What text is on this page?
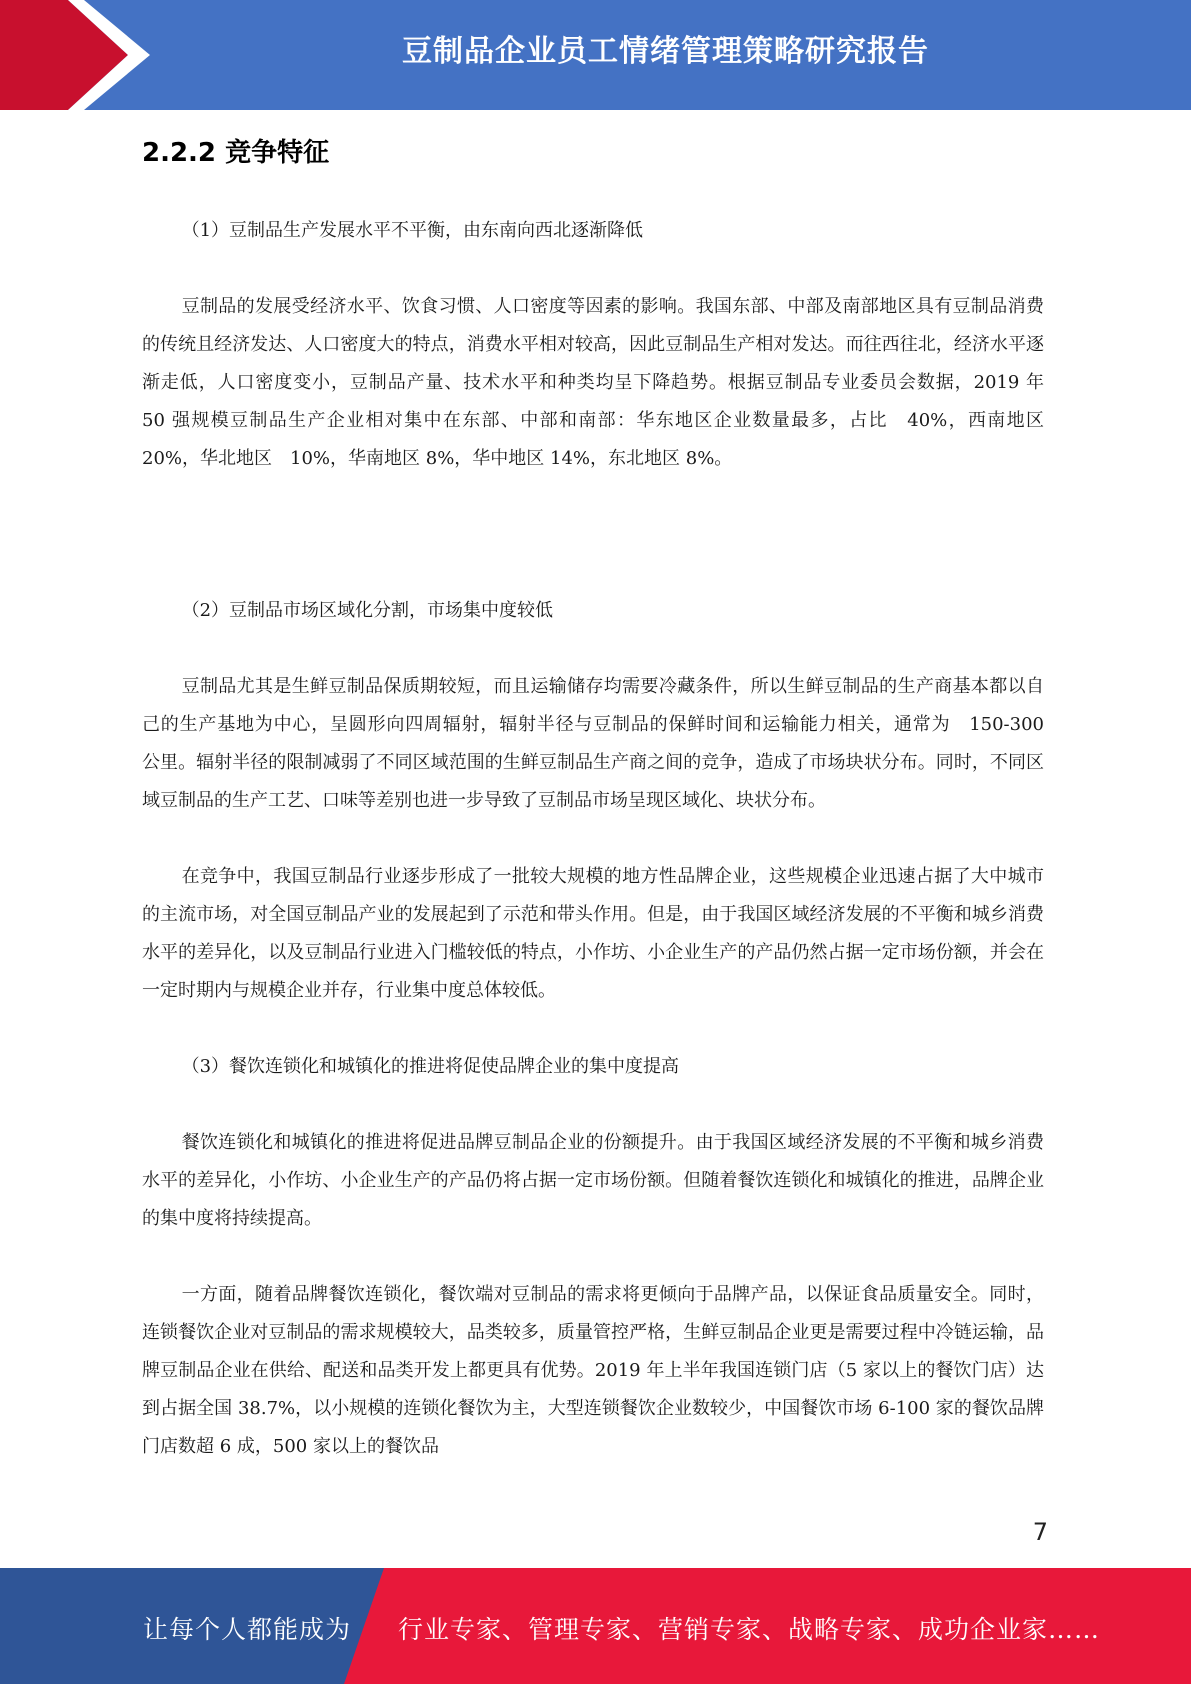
豆制品企业员工情绪管理策略研究报告
2.2.2 竞争特征

（1）豆制品生产发展水平不平衡，由东南向西北逐渐降低

豆制品的发展受经济水平、饮食习惯、人口密度等因素的影响。我国东部、中部及南部地区具有豆制品消费的传统且经济发达、人口密度大的特点，消费水平相对较高，因此豆制品生产相对发达。而往西往北，经济水平逐渐走低，人口密度变小，豆制品产量、技术水平和种类均呈下降趋势。根据豆制品专业委员会数据，2019 年　50 强规模豆制品生产企业相对集中在东部、中部和南部：华东地区企业数量最多，占比　40%，西南地区　20%，华北地区　10%，华南地区 8%，华中地区 14%，东北地区 8%。

（2）豆制品市场区域化分割，市场集中度较低

豆制品尤其是生鲜豆制品保质期较短，而且运输储存均需要冷藏条件，所以生鲜豆制品的生产商基本都以自己的生产基地为中心，呈圆形向四周辐射，辐射半径与豆制品的保鲜时间和运输能力相关，通常为　150-300　公里。辐射半径的限制减弱了不同区域范围的生鲜豆制品生产商之间的竞争，造成了市场块状分布。同时，不同区域豆制品的生产工艺、口味等差别也进一步导致了豆制品市场呈现区域化、块状分布。

在竞争中，我国豆制品行业逐步形成了一批较大规模的地方性品牌企业，这些规模企业迅速占据了大中城市的主流市场，对全国豆制品产业的发展起到了示范和带头作用。但是，由于我国区域经济发展的不平衡和城乡消费水平的差异化，以及豆制品行业进入门槛较低的特点，小作坊、小企业生产的产品仍然占据一定市场份额，并会在一定时期内与规模企业并存，行业集中度总体较低。

（3）餐饮连锁化和城镇化的推进将促使品牌企业的集中度提高

餐饮连锁化和城镇化的推进将促进品牌豆制品企业的份额提升。由于我国区域经济发展的不平衡和城乡消费水平的差异化，小作坊、小企业生产的产品仍将占据一定市场份额。但随着餐饮连锁化和城镇化的推进，品牌企业的集中度将持续提高。

一方面，随着品牌餐饮连锁化，餐饮端对豆制品的需求将更倾向于品牌产品，以保证食品质量安全。同时，连锁餐饮企业对豆制品的需求规模较大，品类较多，质量管控严格，生鲜豆制品企业更是需要过程中冷链运输，品牌豆制品企业在供给、配送和品类开发上都更具有优势。2019 年上半年我国连锁门店（5 家以上的餐饮门店）达到占据全国 38.7%，以小规模的连锁化餐饮为主，大型连锁餐饮企业数较少，中国餐饮市场 6-100 家的餐饮品牌门店数超 6 成，500 家以上的餐饮品

7
让每个人都能成为 行业专家、管理专家、营销专家、战略专家、成功企业家……
